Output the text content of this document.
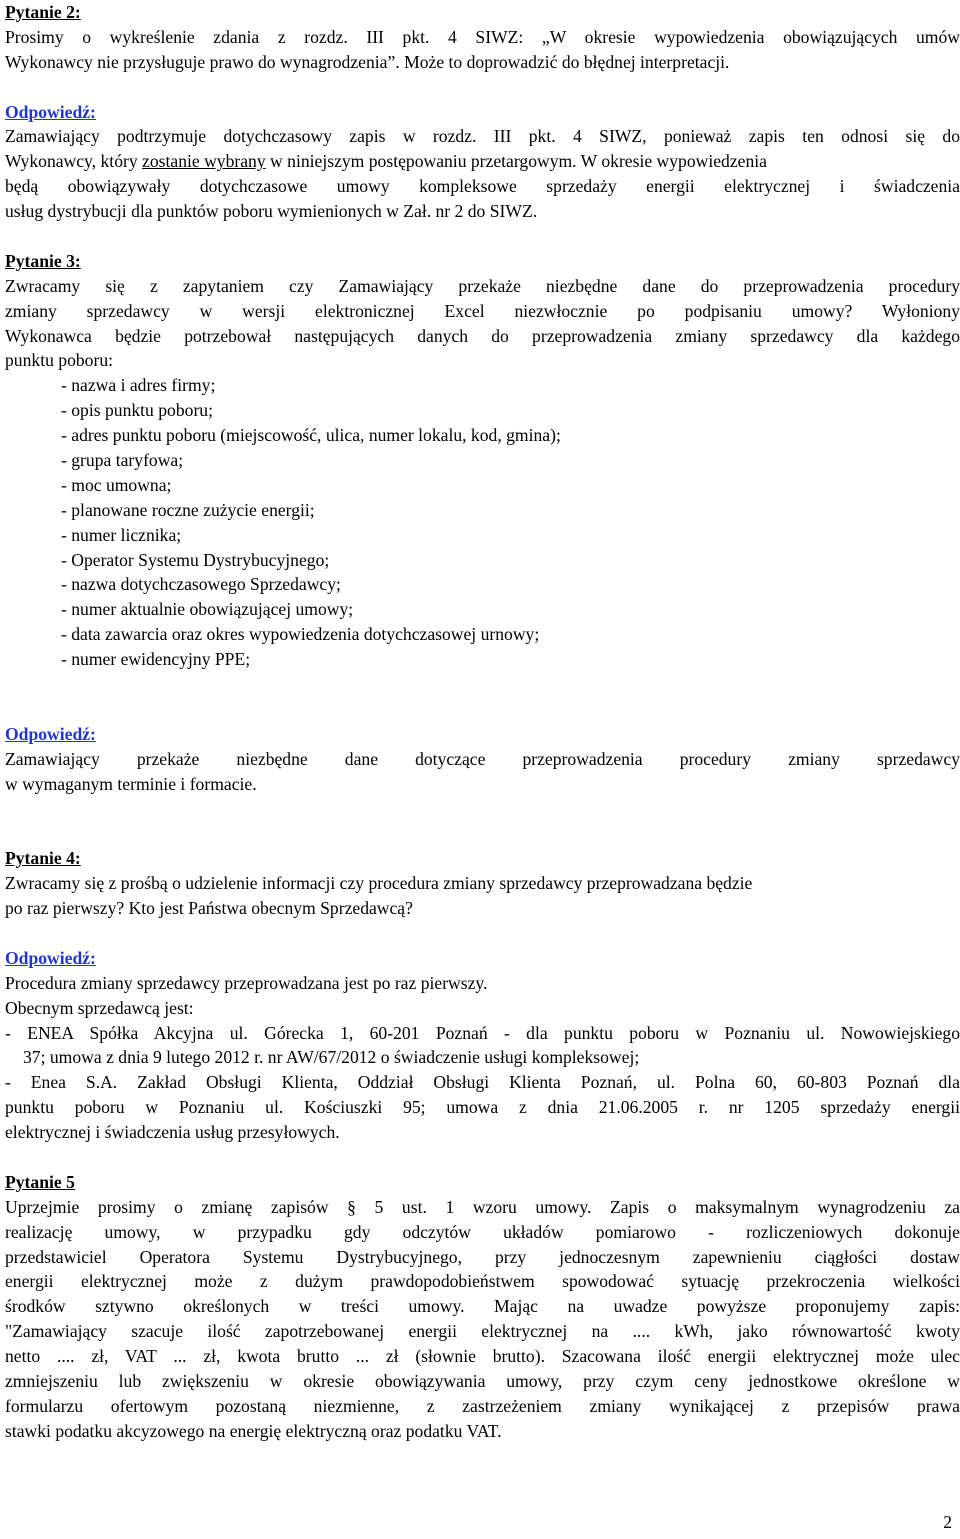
Pytanie 2:
Prosimy o wykreślenie zdania z rozdz. III pkt. 4 SIWZ: „W okresie wypowiedzenia obowiązujących umów
Wykonawcy nie przysługuje prawo do wynagrodzenia”. Może to doprowadzić do błędnej interpretacji.
Odpowiedź:
Zamawiający podtrzymuje dotychczasowy zapis w rozdz. III pkt. 4 SIWZ, ponieważ zapis ten odnosi się do
Wykonawcy, który zostanie wybrany w niniejszym postępowaniu przetargowym. W okresie wypowiedzenia
będą obowiązywały dotychczasowe umowy kompleksowe sprzedaży energii elektrycznej i świadczenia
usług dystrybucji dla punktów poboru wymienionych w Zał. nr 2 do SIWZ.
Pytanie 3:
Zwracamy się z zapytaniem czy Zamawiający przekaże niezbędne dane do przeprowadzenia procedury
zmiany sprzedawcy w wersji elektronicznej Excel niezwłocznie po podpisaniu umowy? Wyłoniony
Wykonawca będzie potrzebował następujących danych do przeprowadzenia zmiany sprzedawcy dla każdego
punktu poboru:
- nazwa i adres firmy;
- opis punktu poboru;
- adres punktu poboru (miejscowość, ulica, numer lokalu, kod, gmina);
- grupa taryfowa;
- moc umowna;
- planowane roczne zużycie energii;
- numer licznika;
- Operator Systemu Dystrybucyjnego;
- nazwa dotychczasowego Sprzedawcy;
- numer aktualnie obowiązującej umowy;
- data zawarcia oraz okres wypowiedzenia dotychczasowej urnowy;
- numer ewidencyjny PPE;
Odpowiedź:
Zamawiający przekaże niezbędne dane dotyczące przeprowadzenia procedury zmiany sprzedawcy
w wymaganym terminie i formacie.
Pytanie 4:
Zwracamy się z prośbą o udzielenie informacji czy procedura zmiany sprzedawcy przeprowadzana będzie
po raz pierwszy? Kto jest Państwa obecnym Sprzedawcą?
Odpowiedź:
Procedura zmiany sprzedawcy przeprowadzana jest po raz pierwszy.
Obecnym sprzedawcą jest:
- ENEA Spółka Akcyjna ul. Górecka 1, 60-201 Poznań - dla punktu poboru w Poznaniu ul. Nowowiejskiego
37; umowa z dnia 9 lutego 2012 r. nr AW/67/2012 o świadczenie usługi kompleksowej;
- Enea S.A. Zakład Obsługi Klienta, Oddział Obsługi Klienta Poznań, ul. Polna 60, 60-803 Poznań dla
punktu poboru w Poznaniu ul. Kościuszki 95; umowa z dnia 21.06.2005 r. nr 1205 sprzedaży energii
elektrycznej i świadczenia usług przesyłowych.
Pytanie 5
Uprzejmie prosimy o zmianę zapisów § 5 ust. 1 wzoru umowy. Zapis o maksymalnym wynagrodzeniu za
realizację umowy, w przypadku gdy odczytów układów pomiarowo - rozliczeniowych dokonuje
przedstawiciel Operatora Systemu Dystrybucyjnego, przy jednoczesnym zapewnieniu ciągłości dostaw
energii elektrycznej może z dużym prawdopodobieństwem spowodować sytuację przekroczenia wielkości
środków sztywno określonych w treści umowy. Mając na uwadze powyższe proponujemy zapis:
"Zamawiający szacuje ilość zapotrzebowanej energii elektrycznej na .... kWh, jako równowartość kwoty
netto .... zł, VAT ... zł, kwota brutto ... zł (słownie brutto). Szacowana ilość energii elektrycznej może ulec
zmniejszeniu lub zwiększeniu w okresie obowiązywania umowy, przy czym ceny jednostkowe określone w
formularzu ofertowym pozostaną niezmienne, z zastrzeżeniem zmiany wynikającej z przepisów prawa
stawki podatku akcyzowego na energię elektryczną oraz podatku VAT.
2
